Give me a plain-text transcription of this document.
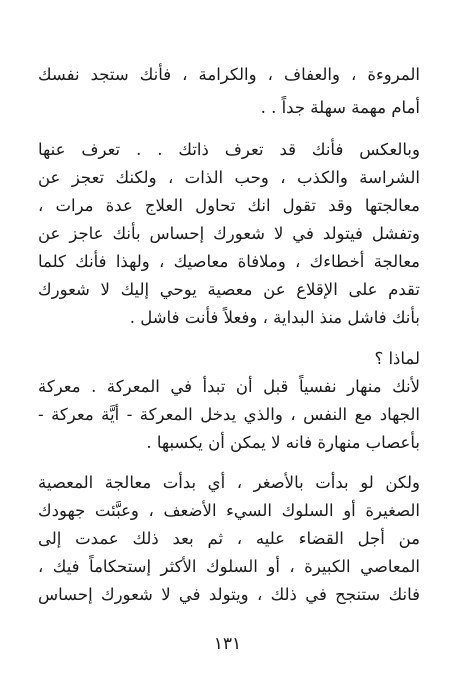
المروءة ، والعفاف ، والكرامة ، فأنك ستجد نفسك
أمام مهمة سهلة جداً . .
وبالعكس فأنك قد تعرف ذاتك . . تعرف عنها
الشراسة والكذب ، وحب الذات ، ولكنك تعجز عن
معالجتها وقد تقول انك تحاول العلاج عدة مرات ،
وتفشل فيتولد في لا شعورك إحساس بأنك عاجز عن
معالجة أخطاءك ، وملافاة معاصيك ، ولهذا فأنك كلما
تقدم على الإقلاع عن معصية يوحي إليك لا شعورك
بأنك فاشل منذ البداية ، وفعلاً فأنت فاشل .
لماذا ؟
لأنك منهار نفسياً قبل أن تبدأ في المعركة . معركة
الجهاد مع النفس ، والذي يدخل المعركة - أيَّة معركة -
بأعصاب منهارة فانه لا يمكن أن يكسبها .
ولكن لو بدأت بالأصغر ، أي بدأت معالجة المعصية
الصغيرة أو السلوك السيء الأضعف ، وعبَّئت جهودك
من أجل القضاء عليه ، ثم بعد ذلك عمدت إلى
المعاصي الكبيرة ، أو السلوك الأكثر إستحكاماً فيك ،
فانك ستنجح في ذلك ، ويتولد في لا شعورك إحساس
١٣١
